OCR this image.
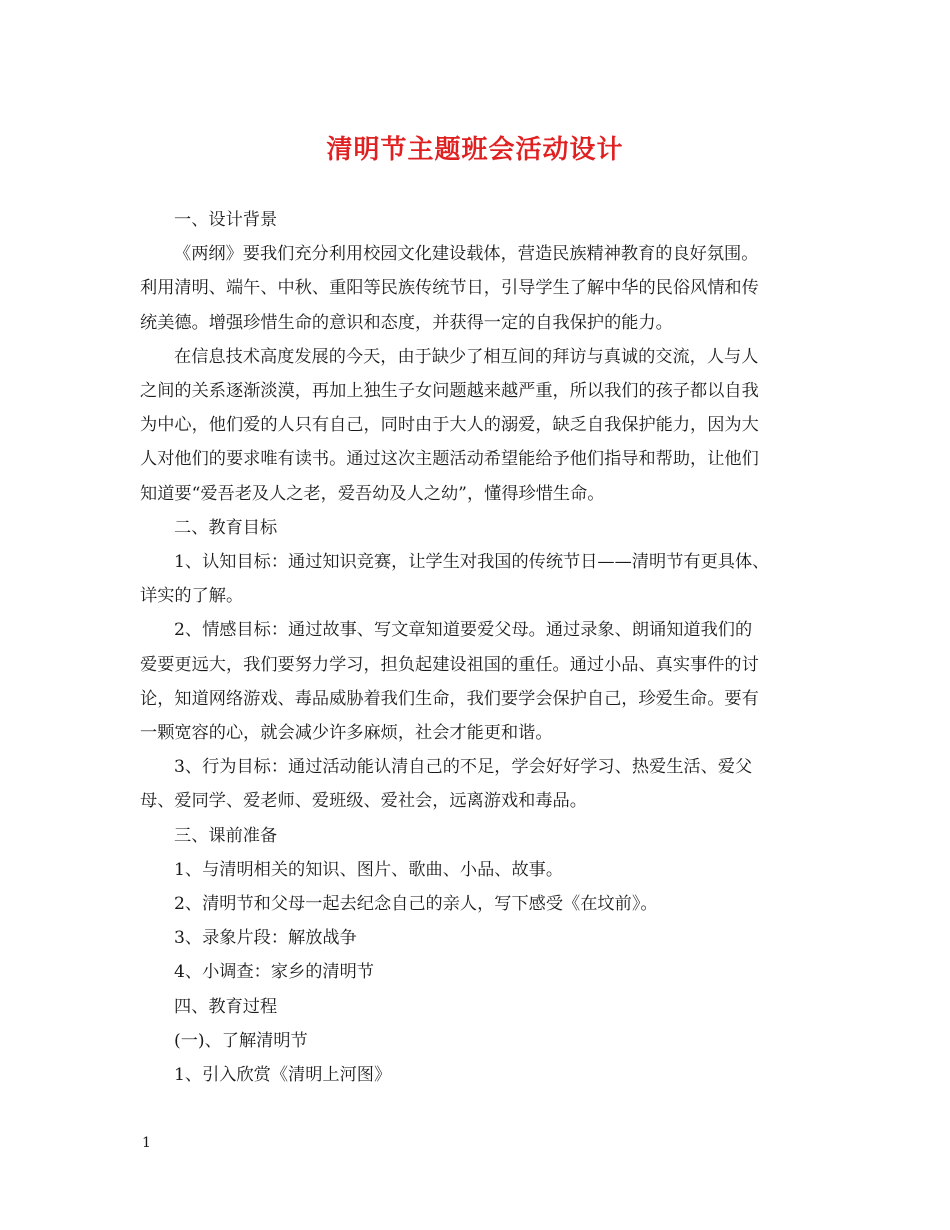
清明节主题班会活动设计
一、设计背景
《两纲》要我们充分利用校园文化建设载体，营造民族精神教育的良好氛围。
利用清明、端午、中秋、重阳等民族传统节日，引导学生了解中华的民俗风情和传
统美德。增强珍惜生命的意识和态度，并获得一定的自我保护的能力。
在信息技术高度发展的今天，由于缺少了相互间的拜访与真诚的交流，人与人
之间的关系逐渐淡漠，再加上独生子女问题越来越严重，所以我们的孩子都以自我
为中心，他们爱的人只有自己，同时由于大人的溺爱，缺乏自我保护能力，因为大
人对他们的要求唯有读书。通过这次主题活动希望能给予他们指导和帮助，让他们
知道要“爱吾老及人之老，爱吾幼及人之幼”，懂得珍惜生命。
二、教育目标
1、认知目标：通过知识竞赛，让学生对我国的传统节日——清明节有更具体、
详实的了解。
2、情感目标：通过故事、写文章知道要爱父母。通过录象、朗诵知道我们的
爱要更远大，我们要努力学习，担负起建设祖国的重任。通过小品、真实事件的讨
论，知道网络游戏、毒品威胁着我们生命，我们要学会保护自己，珍爱生命。要有
一颗宽容的心，就会减少许多麻烦，社会才能更和谐。
3、行为目标：通过活动能认清自己的不足，学会好好学习、热爱生活、爱父
母、爱同学、爱老师、爱班级、爱社会，远离游戏和毒品。
三、课前准备
1、与清明相关的知识、图片、歌曲、小品、故事。
2、清明节和父母一起去纪念自己的亲人，写下感受《在坟前》。
3、录象片段：解放战争
4、小调查：家乡的清明节
四、教育过程
(一)、了解清明节
1、引入欣赏《清明上河图》
1
